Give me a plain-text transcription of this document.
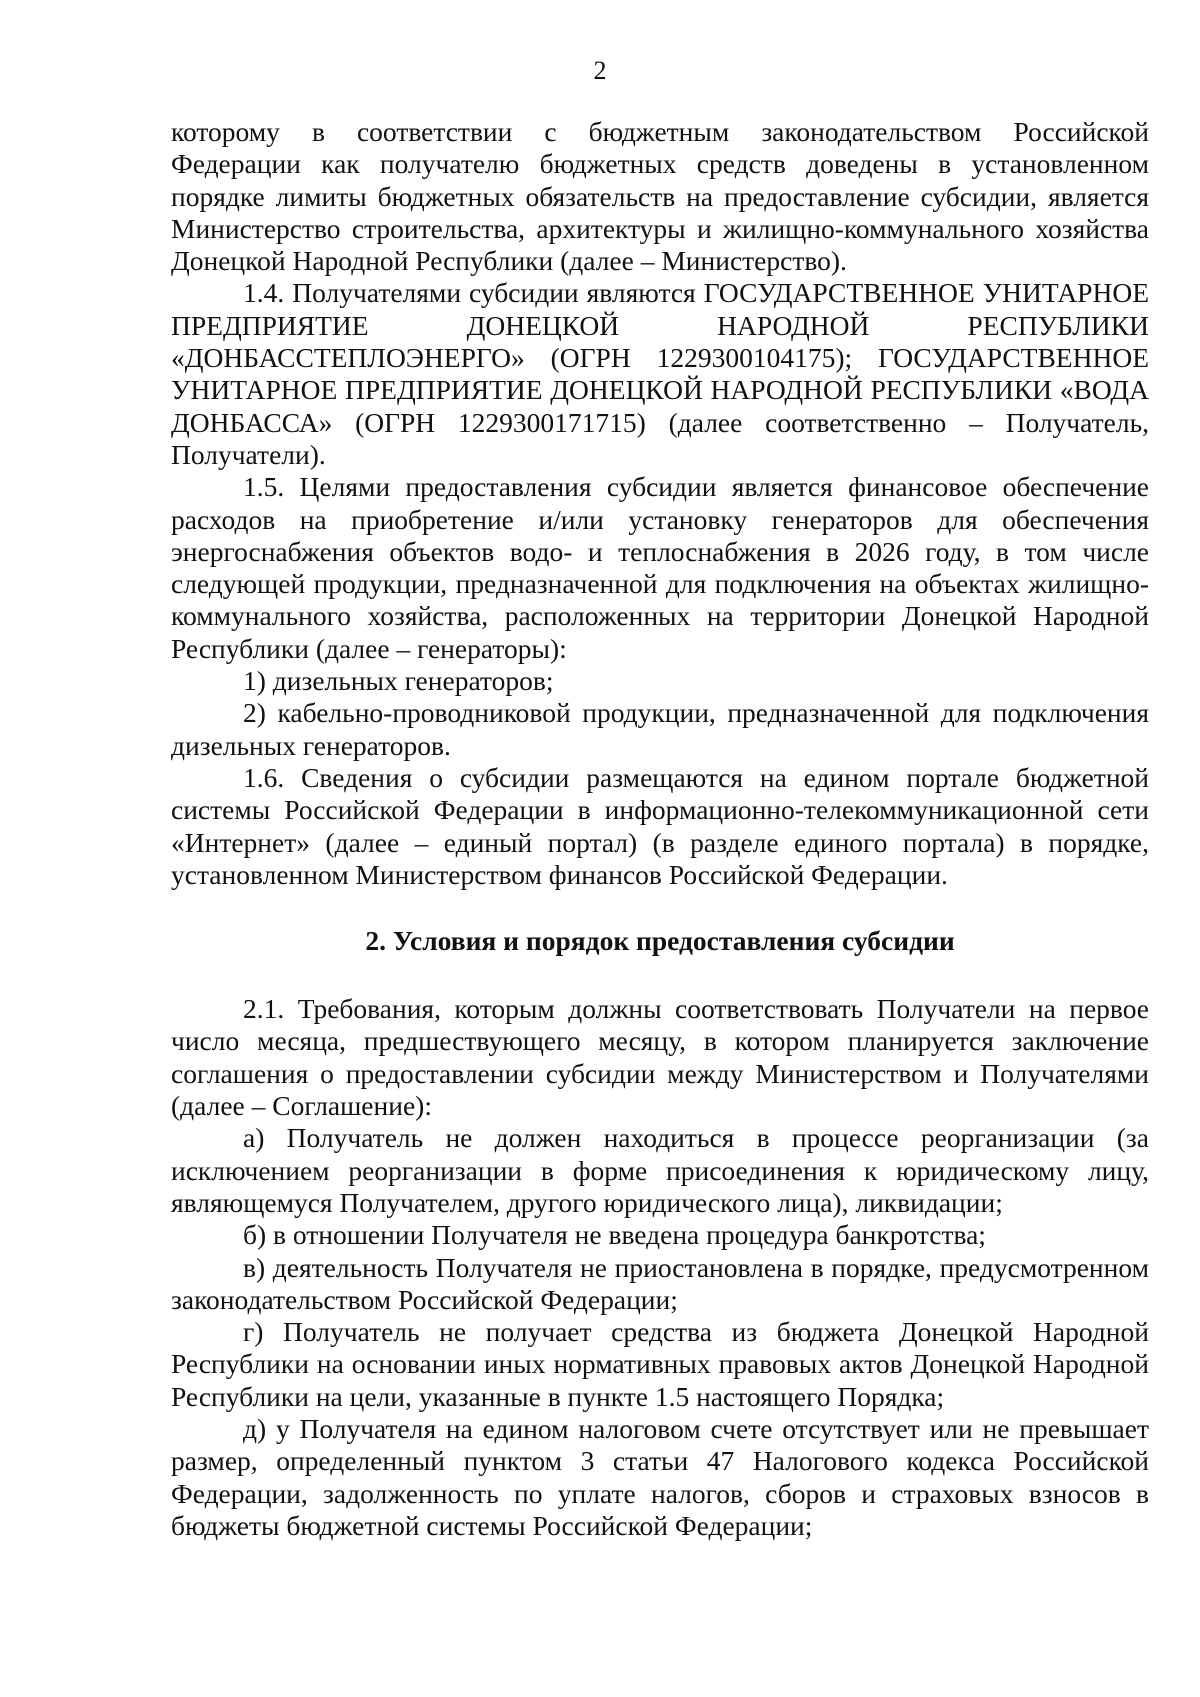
2

которому в соответствии с бюджетным законодательством Российской

Федерации как получателю бюджетных средств доведены в установленном порядке лимиты бюджетных обязательств на предоставление субсидии, является Министерство строительства, архитектуры и жилищно-коммунального хозяйства Донецкой Народной Республики (далее – Министерство).

1.4. Получателями субсидии являются ГОСУДАРСТВЕННОЕ УНИТАРНОЕ ПРЕДПРИЯТИЕ ДОНЕЦКОЙ НАРОДНОЙ РЕСПУБЛИКИ «ДОНБАССТЕПЛОЭНЕРГО» (ОГРН 1229300104175); ГОСУДАРСТВЕННОЕ УНИТАРНОЕ ПРЕДПРИЯТИЕ ДОНЕЦКОЙ НАРОДНОЙ РЕСПУБЛИКИ «ВОДА ДОНБАССА» (ОГРН 1229300171715) (далее соответственно – Получатель, Получатели).

1.5. Целями предоставления субсидии является финансовое обеспечение расходов на приобретение и/или установку генераторов для обеспечения энергоснабжения объектов водо- и теплоснабжения в 2026 году, в том числе следующей продукции, предназначенной для подключения на объектах жилищно-коммунального хозяйства, расположенных на территории Донецкой Народной Республики (далее – генераторы):

1) дизельных генераторов;

2) кабельно-проводниковой продукции, предназначенной для подключения дизельных генераторов.

1.6. Сведения о субсидии размещаются на едином портале бюджетной системы Российской Федерации в информационно-телекоммуникационной сети «Интернет» (далее – единый портал) (в разделе единого портала) в порядке, установленном Министерством финансов Российской Федерации.

2. Условия и порядок предоставления субсидии

2.1. Требования, которым должны соответствовать Получатели на первое число месяца, предшествующего месяцу, в котором планируется заключение соглашения о предоставлении субсидии между Министерством и Получателями (далее – Соглашение):

а) Получатель не должен находиться в процессе реорганизации (за исключением реорганизации в форме присоединения к юридическому лицу, являющемуся Получателем, другого юридического лица), ликвидации;

б) в отношении Получателя не введена процедура банкротства;

в) деятельность Получателя не приостановлена в порядке, предусмотренном законодательством Российской Федерации;

г) Получатель не получает средства из бюджета Донецкой Народной Республики на основании иных нормативных правовых актов Донецкой Народной Республики на цели, указанные в пункте 1.5 настоящего Порядка;

д) у Получателя на едином налоговом счете отсутствует или не превышает размер, определенный пунктом 3 статьи 47 Налогового кодекса Российской Федерации, задолженность по уплате налогов, сборов и страховых взносов в бюджеты бюджетной системы Российской Федерации;
